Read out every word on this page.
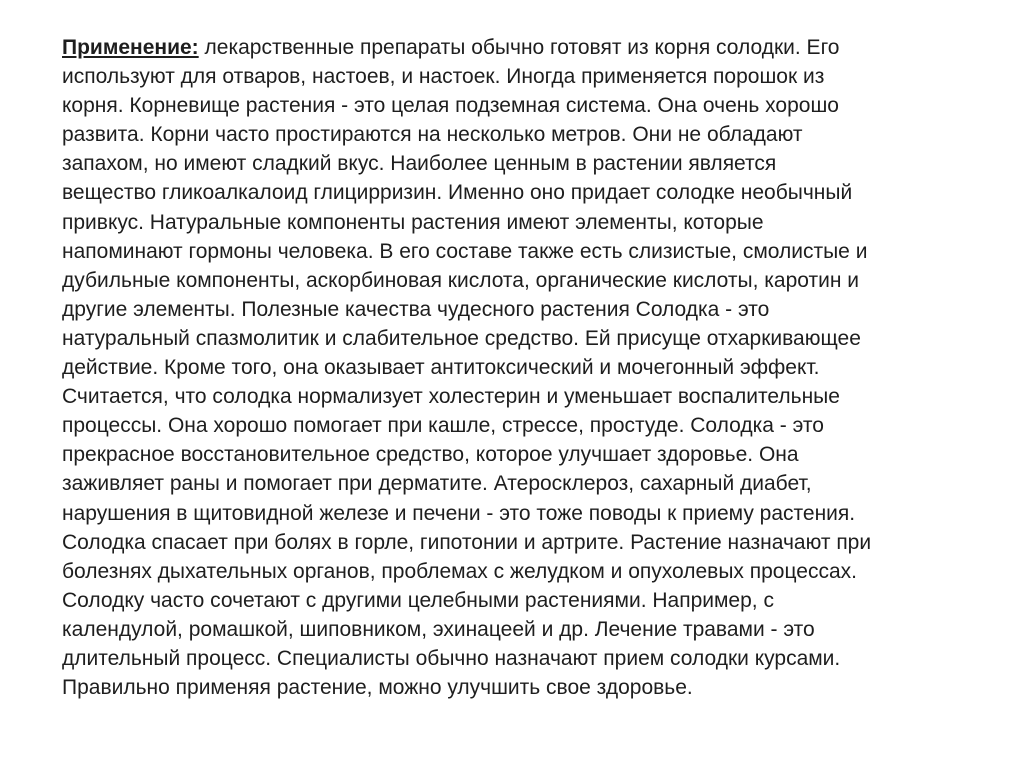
Применение: лекарственные препараты обычно готовят из корня солодки. Его
используют для отваров, настоев, и настоек. Иногда применяется порошок из
корня. Корневище растения - это целая подземная система. Она очень хорошо
развита. Корни часто простираются на несколько метров. Они не обладают
запахом, но имеют сладкий вкус. Наиболее ценным в растении является
вещество гликоалкалоид глицирризин. Именно оно придает солодке необычный
привкус. Натуральные компоненты растения имеют элементы, которые
напоминают гормоны человека. В его составе также есть слизистые, смолистые и
дубильные компоненты, аскорбиновая кислота, органические кислоты, каротин и
другие элементы. Полезные качества чудесного растения Солодка - это
натуральный спазмолитик и слабительное средство. Ей присуще отхаркивающее
действие. Кроме того, она оказывает антитоксический и мочегонный эффект.
Считается, что солодка нормализует холестерин и уменьшает воспалительные
процессы. Она хорошо помогает при кашле, стрессе, простуде. Солодка - это
прекрасное восстановительное средство, которое улучшает здоровье. Она
заживляет раны и помогает при дерматите. Атеросклероз, сахарный диабет,
нарушения в щитовидной железе и печени - это тоже поводы к приему растения.
Солодка спасает при болях в горле, гипотонии и артрите. Растение назначают при
болезнях дыхательных органов, проблемах с желудком и опухолевых процессах.
Солодку часто сочетают с другими целебными растениями. Например, с
календулой, ромашкой, шиповником, эхинацеей и др. Лечение травами - это
длительный процесс. Специалисты обычно назначают прием солодки курсами.
Правильно применяя растение, можно улучшить свое здоровье.
